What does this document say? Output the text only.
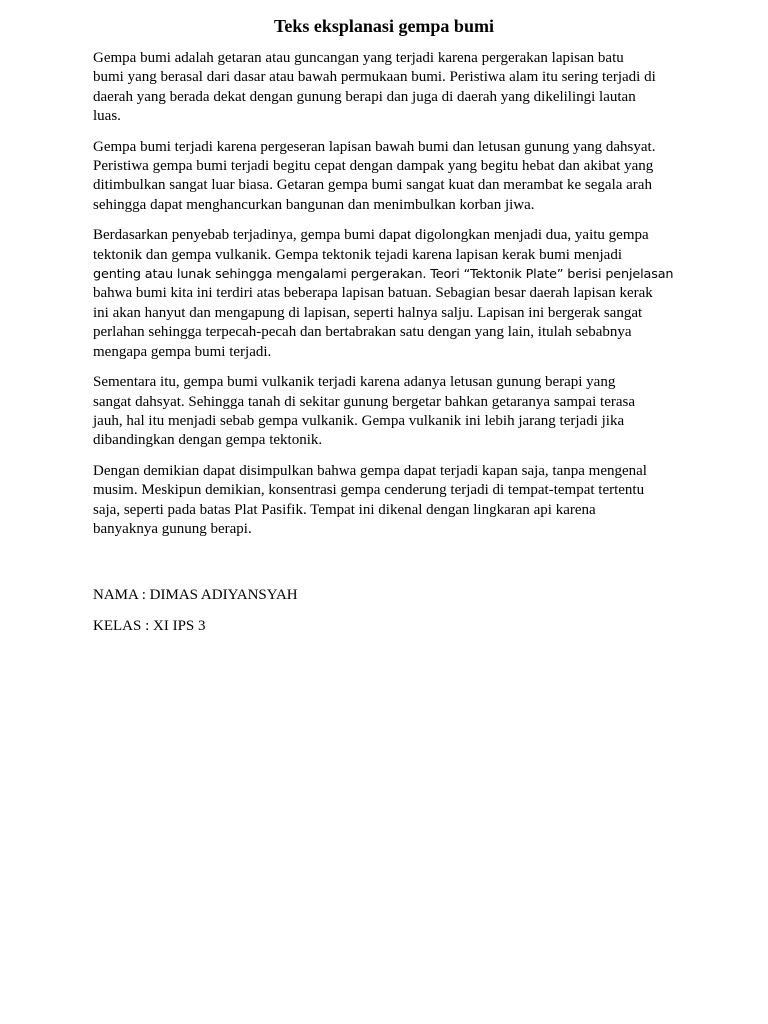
Teks eksplanasi gempa bumi

Gempa bumi adalah getaran atau guncangan yang terjadi karena pergerakan lapisan batu
bumi yang berasal dari dasar atau bawah permukaan bumi. Peristiwa alam itu sering terjadi di
daerah yang berada dekat dengan gunung berapi dan juga di daerah yang dikelilingi lautan
luas.

Gempa bumi terjadi karena pergeseran lapisan bawah bumi dan letusan gunung yang dahsyat.
Peristiwa gempa bumi terjadi begitu cepat dengan dampak yang begitu hebat dan akibat yang
ditimbulkan sangat luar biasa. Getaran gempa bumi sangat kuat dan merambat ke segala arah
sehingga dapat menghancurkan bangunan dan menimbulkan korban jiwa.

Berdasarkan penyebab terjadinya, gempa bumi dapat digolongkan menjadi dua, yaitu gempa
tektonik dan gempa vulkanik. Gempa tektonik tejadi karena lapisan kerak bumi menjadi
genting atau lunak sehingga mengalami pergerakan. Teori “Tektonik Plate” berisi penjelasan
bahwa bumi kita ini terdiri atas beberapa lapisan batuan. Sebagian besar daerah lapisan kerak
ini akan hanyut dan mengapung di lapisan, seperti halnya salju. Lapisan ini bergerak sangat
perlahan sehingga terpecah-pecah dan bertabrakan satu dengan yang lain, itulah sebabnya
mengapa gempa bumi terjadi.

Sementara itu, gempa bumi vulkanik terjadi karena adanya letusan gunung berapi yang
sangat dahsyat. Sehingga tanah di sekitar gunung bergetar bahkan getaranya sampai terasa
jauh, hal itu menjadi sebab gempa vulkanik. Gempa vulkanik ini lebih jarang terjadi jika
dibandingkan dengan gempa tektonik.

Dengan demikian dapat disimpulkan bahwa gempa dapat terjadi kapan saja, tanpa mengenal
musim. Meskipun demikian, konsentrasi gempa cenderung terjadi di tempat-tempat tertentu
saja, seperti pada batas Plat Pasifik. Tempat ini dikenal dengan lingkaran api karena
banyaknya gunung berapi.

NAMA : DIMAS ADIYANSYAH

KELAS : XI IPS 3
